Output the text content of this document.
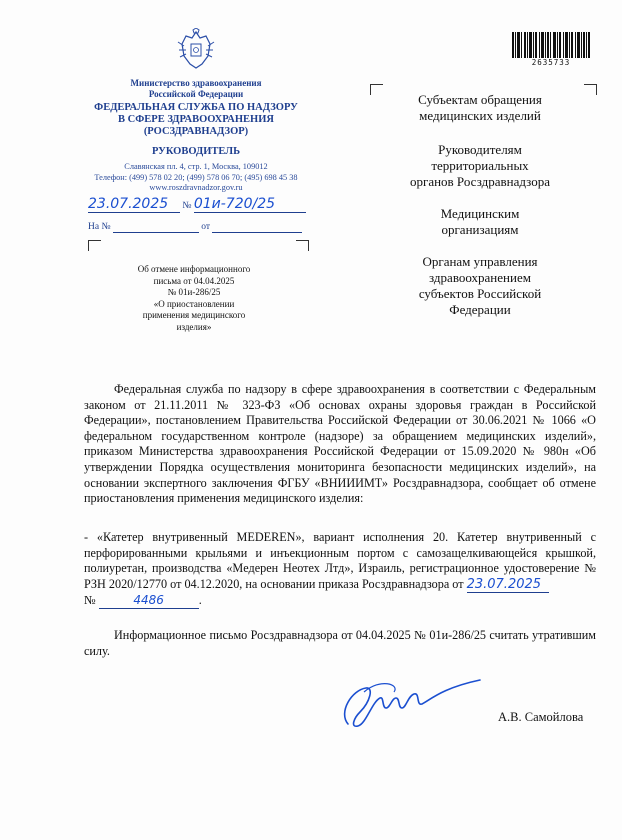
Министерство здравоохранения
Российской Федерации
ФЕДЕРАЛЬНАЯ СЛУЖБА ПО НАДЗОРУ
В СФЕРЕ ЗДРАВООХРАНЕНИЯ
(РОСЗДРАВНАДЗОР)
РУКОВОДИТЕЛЬ
Славянская пл. 4, стр. 1, Москва, 109012
Телефон: (499) 578 02 20; (499) 578 06 70; (495) 698 45 38
www.roszdravnadzor.gov.ru
23.07.2025 № 01и-720/25
На №	от
Об отмене информационного
письма от 04.04.2025
№ 01и-286/25
«О приостановлении
применения медицинского
изделия»
2635733
Субъектам обращения
медицинских изделий
Руководителям
территориальных
органов Росздравнадзора
Медицинским
организациям
Органам управления
здравоохранением
субъектов Российской
Федерации
Федеральная служба по надзору в сфере здравоохранения в соответствии с Федеральным законом от 21.11.2011 № 323-ФЗ «Об основах охраны здоровья граждан в Российской Федерации», постановлением Правительства Российской Федерации от 30.06.2021 № 1066 «О федеральном государственном контроле (надзоре) за обращением медицинских изделий», приказом Министерства здравоохранения Российской Федерации от 15.09.2020 № 980н «Об утверждении Порядка осуществления мониторинга безопасности медицинских изделий», на основании экспертного заключения ФГБУ «ВНИИИМТ» Росздравнадзора, сообщает об отмене приостановления применения медицинского изделия:
- «Катетер внутривенный MEDEREN», вариант исполнения 20. Катетер внутривенный с перфорированными крыльями и инъекционным портом с самозащелкивающейся крышкой, полиуретан, производства «Mедерен Неотех Лтд», Израиль, регистрационное удостоверение № РЗН 2020/12770 от 04.12.2020, на основании приказа Росздравнадзора от 23.07.2025
№	4486	.
Информационное письмо Росздравнадзора от 04.04.2025 № 01и-286/25 считать утратившим силу.
А.В. Самойлова
